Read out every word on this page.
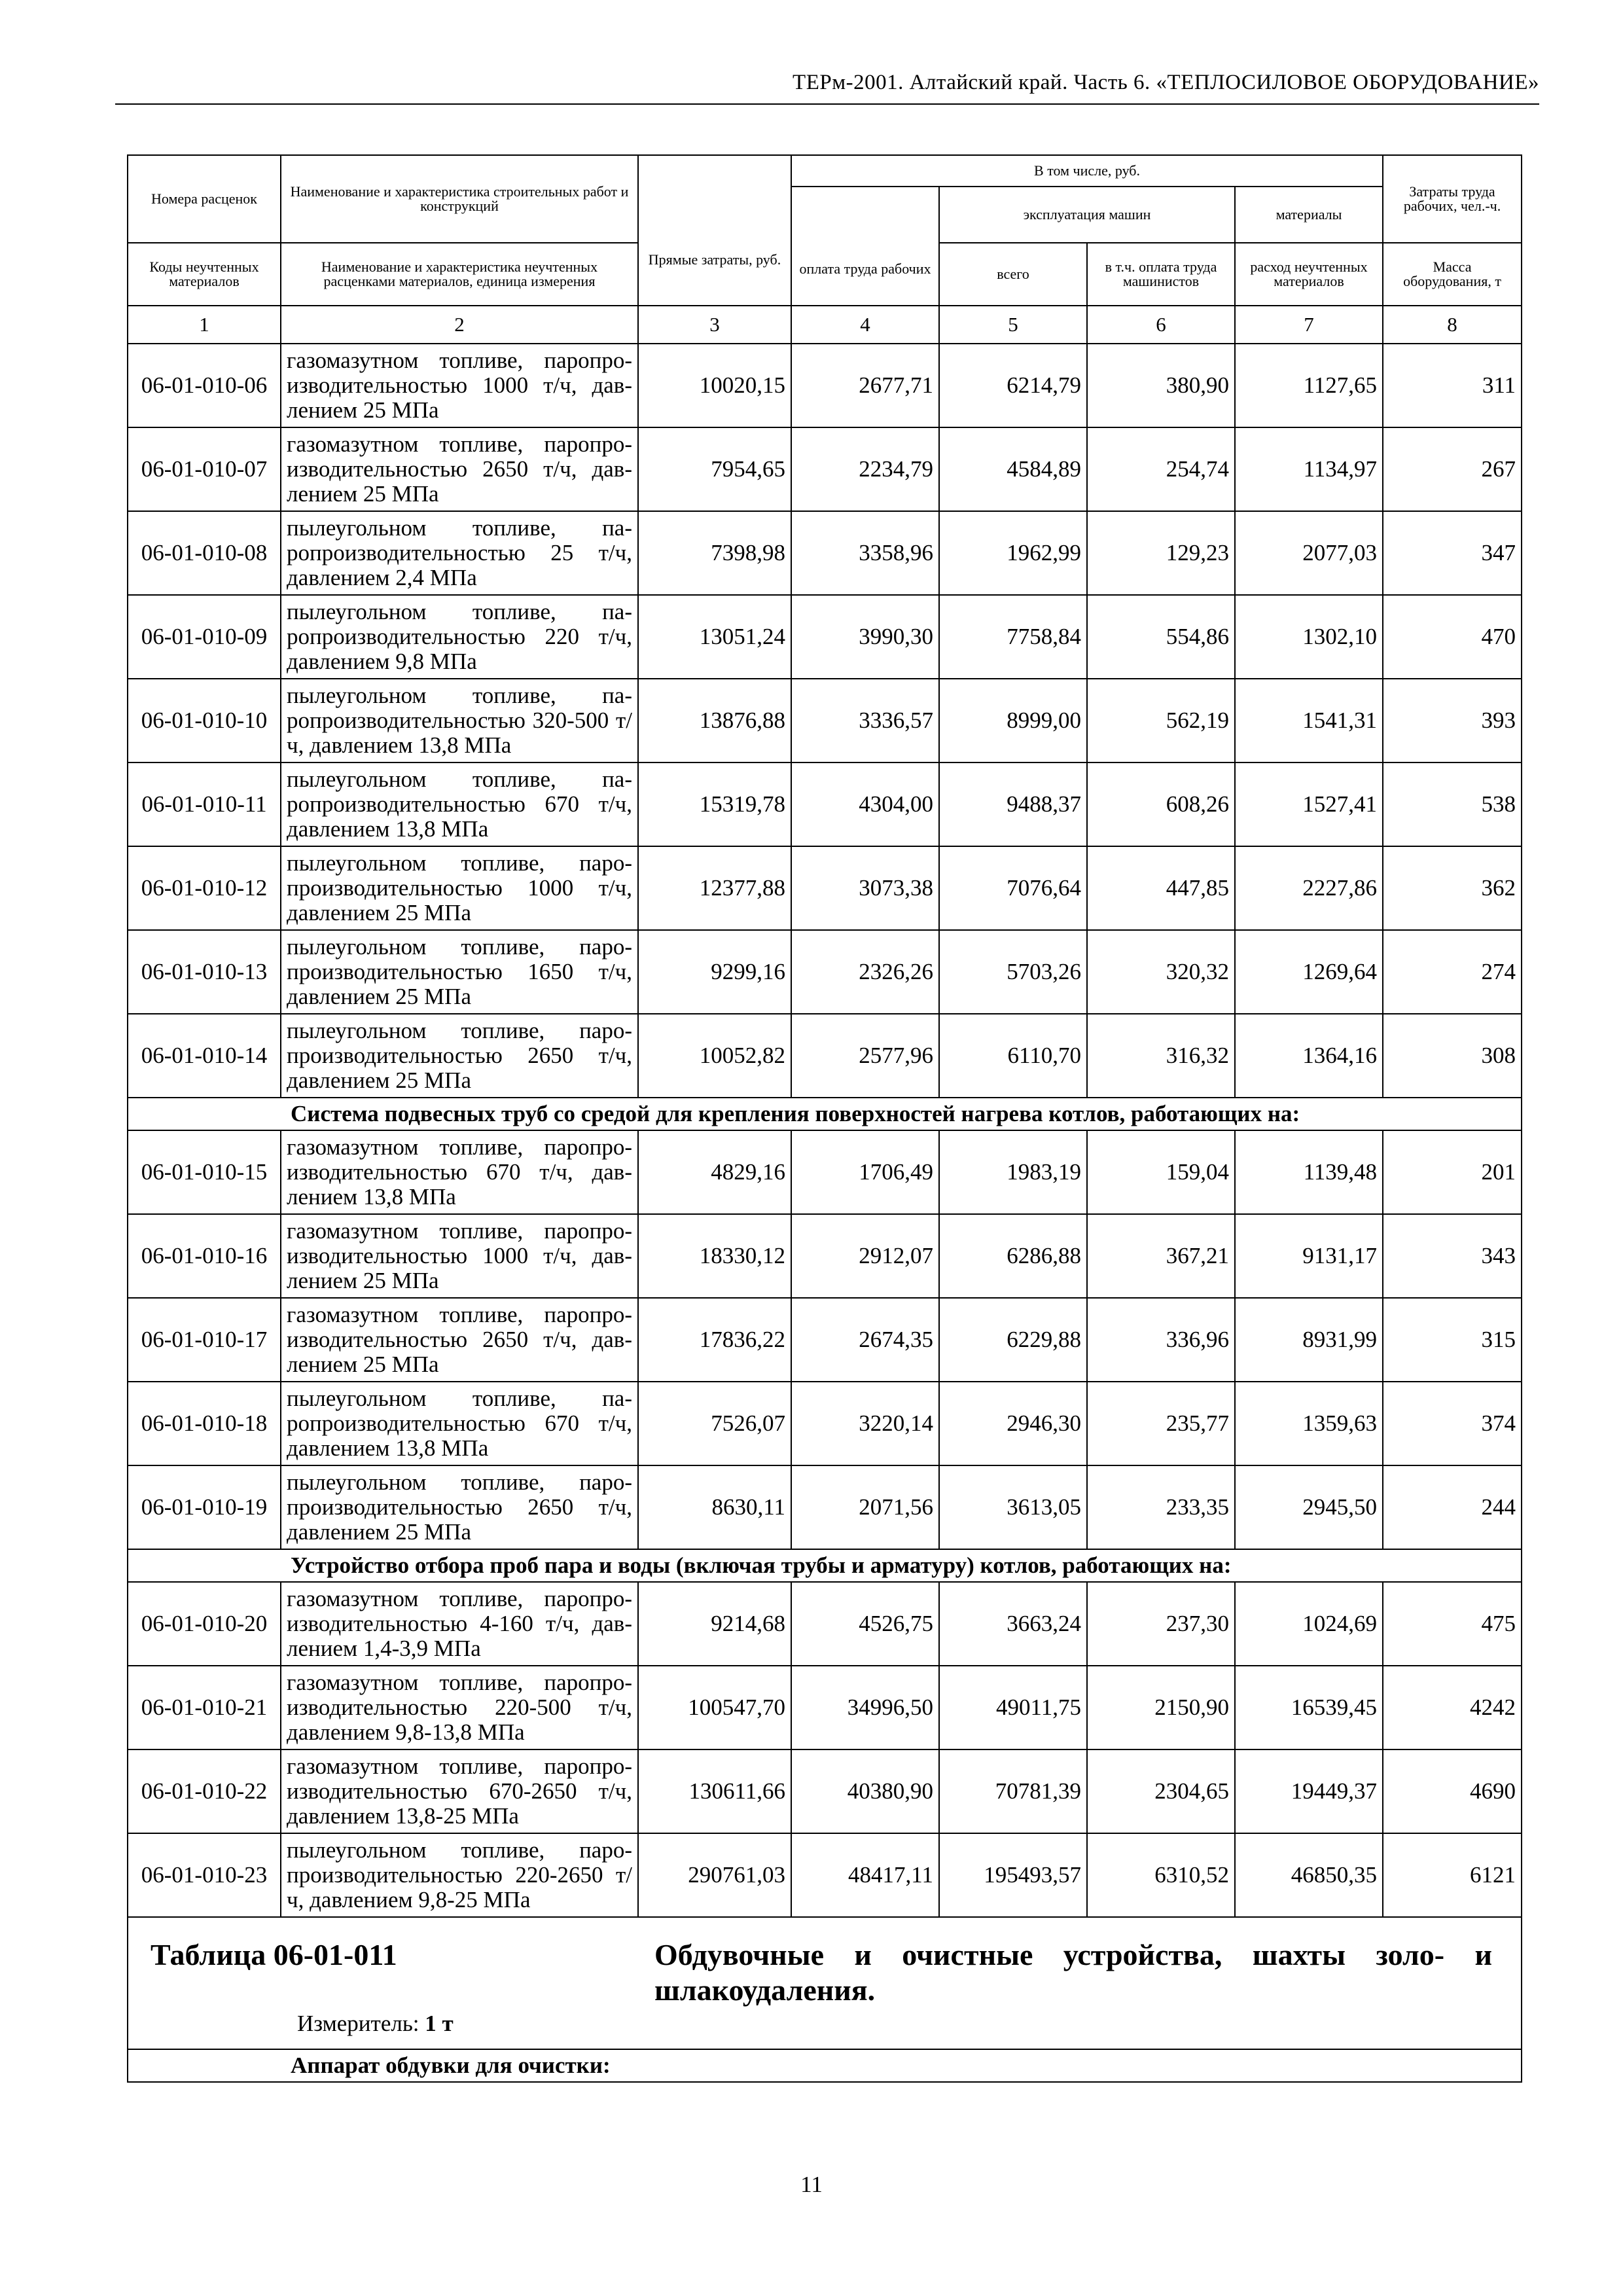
ТЕРм-2001. Алтайский край. Часть 6. «ТЕПЛОСИЛОВОЕ ОБОРУДОВАНИЕ»
Номера расценок	Наименование и характеристика строительных работ и конструкций	Прямые затраты, руб.	В том числе, руб.				Затраты труда рабочих, чел.-ч.

			оплата труда рабочих	эксплуатация машин		материалы	
Коды неучтенных материалов	Наименование и характеристика неучтенных расценками материалов, единица измерения			всего	в т.ч. оплата труда машинистов	расход неучтенных материалов	Масса оборудования, т
1	2	3	4	5	6	7	8
06-01-010-06	газомазутном топливе, паропро-изводительностью 1000 т/ч, дав-лением 25 МПа	10020,15	2677,71	6214,79	380,90	1127,65	311
06-01-010-07	газомазутном топливе, паропро-изводительностью 2650 т/ч, дав-лением 25 МПа	7954,65	2234,79	4584,89	254,74	1134,97	267
06-01-010-08	пылеугольном топливе, па-ропроизводительностью 25 т/ч, давлением 2,4 МПа	7398,98	3358,96	1962,99	129,23	2077,03	347
06-01-010-09	пылеугольном топливе, па-ропроизводительностью 220 т/ч, давлением 9,8 МПа	13051,24	3990,30	7758,84	554,86	1302,10	470
06-01-010-10	пылеугольном топливе, па-ропроизводительностью 320-500 т/ч, давлением 13,8 МПа	13876,88	3336,57	8999,00	562,19	1541,31	393
06-01-010-11	пылеугольном топливе, па-ропроизводительностью 670 т/ч, давлением 13,8 МПа	15319,78	4304,00	9488,37	608,26	1527,41	538
06-01-010-12	пылеугольном топливе, паро-производительностью 1000 т/ч, давлением 25 МПа	12377,88	3073,38	7076,64	447,85	2227,86	362
06-01-010-13	пылеугольном топливе, паро-производительностью 1650 т/ч, давлением 25 МПа	9299,16	2326,26	5703,26	320,32	1269,64	274
06-01-010-14	пылеугольном топливе, паро-производительностью 2650 т/ч, давлением 25 МПа	10052,82	2577,96	6110,70	316,32	1364,16	308
Система подвесных труб со средой для крепления поверхностей нагрева котлов, работающих на:							
06-01-010-15	газомазутном топливе, паропро-изводительностью 670 т/ч, дав-лением 13,8 МПа	4829,16	1706,49	1983,19	159,04	1139,48	201
06-01-010-16	газомазутном топливе, паропро-изводительностью 1000 т/ч, дав-лением 25 МПа	18330,12	2912,07	6286,88	367,21	9131,17	343
06-01-010-17	газомазутном топливе, паропро-изводительностью 2650 т/ч, дав-лением 25 МПа	17836,22	2674,35	6229,88	336,96	8931,99	315
06-01-010-18	пылеугольном топливе, па-ропроизводительностью 670 т/ч, давлением 13,8 МПа	7526,07	3220,14	2946,30	235,77	1359,63	374
06-01-010-19	пылеугольном топливе, паро-производительностью 2650 т/ч, давлением 25 МПа	8630,11	2071,56	3613,05	233,35	2945,50	244
Устройство отбора проб пара и воды (включая трубы и арматуру) котлов, работающих на:							
06-01-010-20	газомазутном топливе, паропро-изводительностью 4-160 т/ч, дав-лением 1,4-3,9 МПа	9214,68	4526,75	3663,24	237,30	1024,69	475
06-01-010-21	газомазутном топливе, паропро-изводительностью 220-500 т/ч, давлением 9,8-13,8 МПа	100547,70	34996,50	49011,75	2150,90	16539,45	4242
06-01-010-22	газомазутном топливе, паропро-изводительностью 670-2650 т/ч, давлением 13,8-25 МПа	130611,66	40380,90	70781,39	2304,65	19449,37	4690
06-01-010-23	пылеугольном топливе, паро-производительностью 220-2650 т/ч, давлением 9,8-25 МПа	290761,03	48417,11	195493,57	6310,52	46850,35	6121

Таблица 06-01-011 Обдувочные и очистные устройства, шахты золо- и шлакоудаления.
Измеритель: 1 т							

Аппарат обдувки для очистки:							
11
